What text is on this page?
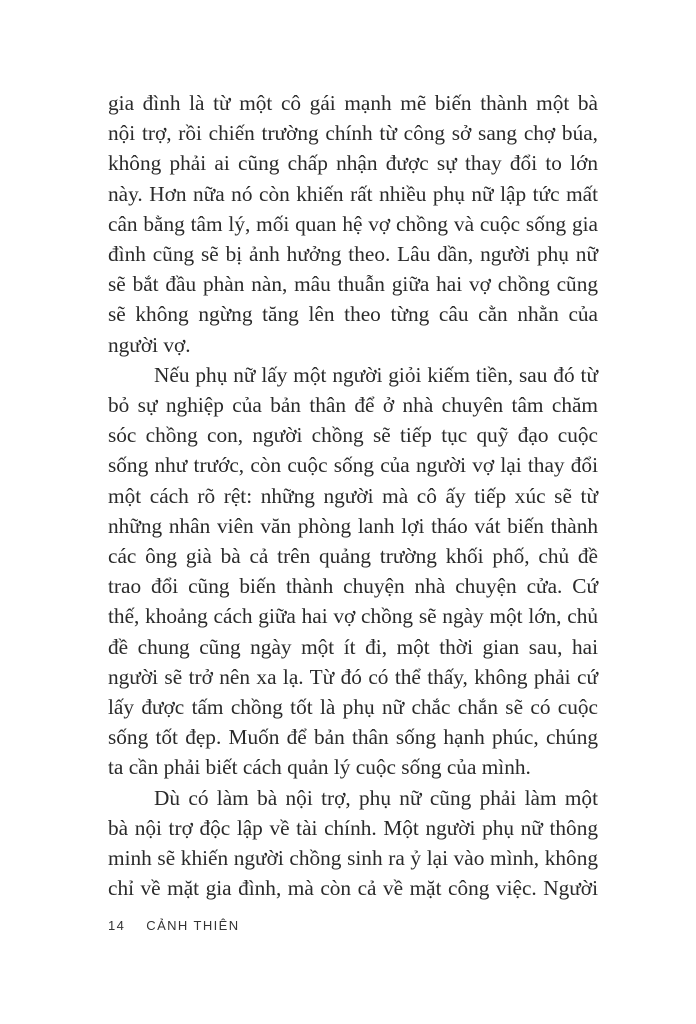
gia đình là từ một cô gái mạnh mẽ biến thành một bà
nội trợ, rồi chiến trường chính từ công sở sang chợ búa,
không phải ai cũng chấp nhận được sự thay đổi to lớn
này. Hơn nữa nó còn khiến rất nhiều phụ nữ lập tức mất
cân bằng tâm lý, mối quan hệ vợ chồng và cuộc sống gia
đình cũng sẽ bị ảnh hưởng theo. Lâu dần, người phụ nữ
sẽ bắt đầu phàn nàn, mâu thuẫn giữa hai vợ chồng cũng
sẽ không ngừng tăng lên theo từng câu cằn nhằn của
người vợ.

Nếu phụ nữ lấy một người giỏi kiếm tiền, sau đó từ
bỏ sự nghiệp của bản thân để ở nhà chuyên tâm chăm
sóc chồng con, người chồng sẽ tiếp tục quỹ đạo cuộc
sống như trước, còn cuộc sống của người vợ lại thay đổi
một cách rõ rệt: những người mà cô ấy tiếp xúc sẽ từ
những nhân viên văn phòng lanh lợi tháo vát biến thành
các ông già bà cả trên quảng trường khối phố, chủ đề
trao đổi cũng biến thành chuyện nhà chuyện cửa. Cứ
thế, khoảng cách giữa hai vợ chồng sẽ ngày một lớn, chủ
đề chung cũng ngày một ít đi, một thời gian sau, hai
người sẽ trở nên xa lạ. Từ đó có thể thấy, không phải cứ
lấy được tấm chồng tốt là phụ nữ chắc chắn sẽ có cuộc
sống tốt đẹp. Muốn để bản thân sống hạnh phúc, chúng
ta cần phải biết cách quản lý cuộc sống của mình.

Dù có làm bà nội trợ, phụ nữ cũng phải làm một
bà nội trợ độc lập về tài chính. Một người phụ nữ thông
minh sẽ khiến người chồng sinh ra ỷ lại vào mình, không
chỉ về mặt gia đình, mà còn cả về mặt công việc. Người

14 CẢNH THIÊN
